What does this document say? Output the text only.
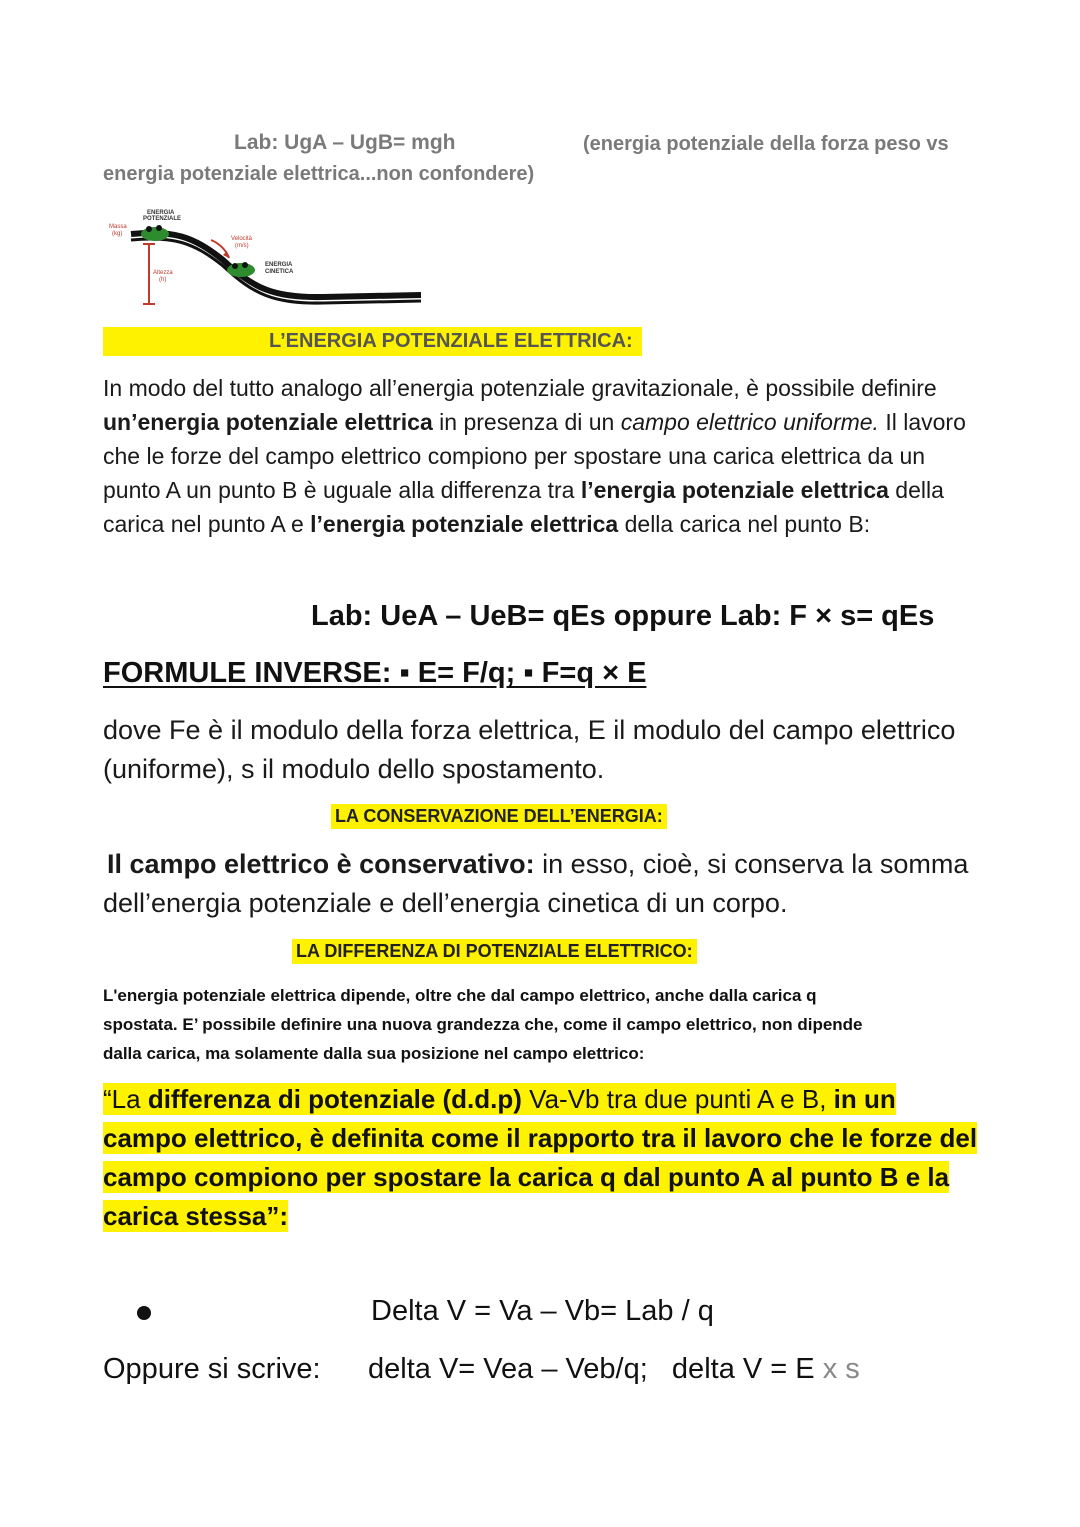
Lab: UgA – UgB= mgh	(energia potenziale della forza peso vs
energia potenziale elettrica...non confondere)
ENERGIA
POTENZIALE
Massa
(kg)
Velocità
(m/s)
Altezza
(h)
ENERGIA
CINETICA
L’ENERGIA POTENZIALE ELETTRICA:
In modo del tutto analogo all’energia potenziale gravitazionale, è possibile definire
un’energia potenziale elettrica in presenza di un campo elettrico uniforme. Il lavoro
che le forze del campo elettrico compiono per spostare una carica elettrica da un
punto A un punto B è uguale alla differenza tra l’energia potenziale elettrica della
carica nel punto A e l’energia potenziale elettrica della carica nel punto B:
Lab: UeA – UeB= qEs oppure Lab: F × s= qEs
FORMULE INVERSE: ▪ E= F/q; ▪ F=q × E
dove Fe è il modulo della forza elettrica, E il modulo del campo elettrico
(uniforme), s il modulo dello spostamento.
LA CONSERVAZIONE DELL’ENERGIA:
Il campo elettrico è conservativo: in esso, cioè, si conserva la somma
dell’energia potenziale e dell’energia cinetica di un corpo.
LA DIFFERENZA DI POTENZIALE ELETTRICO:
L'energia potenziale elettrica dipende, oltre che dal campo elettrico, anche dalla carica q
spostata. E’ possibile definire una nuova grandezza che, come il campo elettrico, non dipende
dalla carica, ma solamente dalla sua posizione nel campo elettrico:
“La differenza di potenziale (d.d.p) Va-Vb tra due punti A e B, in un
campo elettrico, è definita come il rapporto tra il lavoro che le forze del
campo compiono per spostare la carica q dal punto A al punto B e la
carica stessa”:
Delta V = Va – Vb= Lab / q
Oppure si scrive: delta V= Vea – Veb/q;   delta V = E x s
